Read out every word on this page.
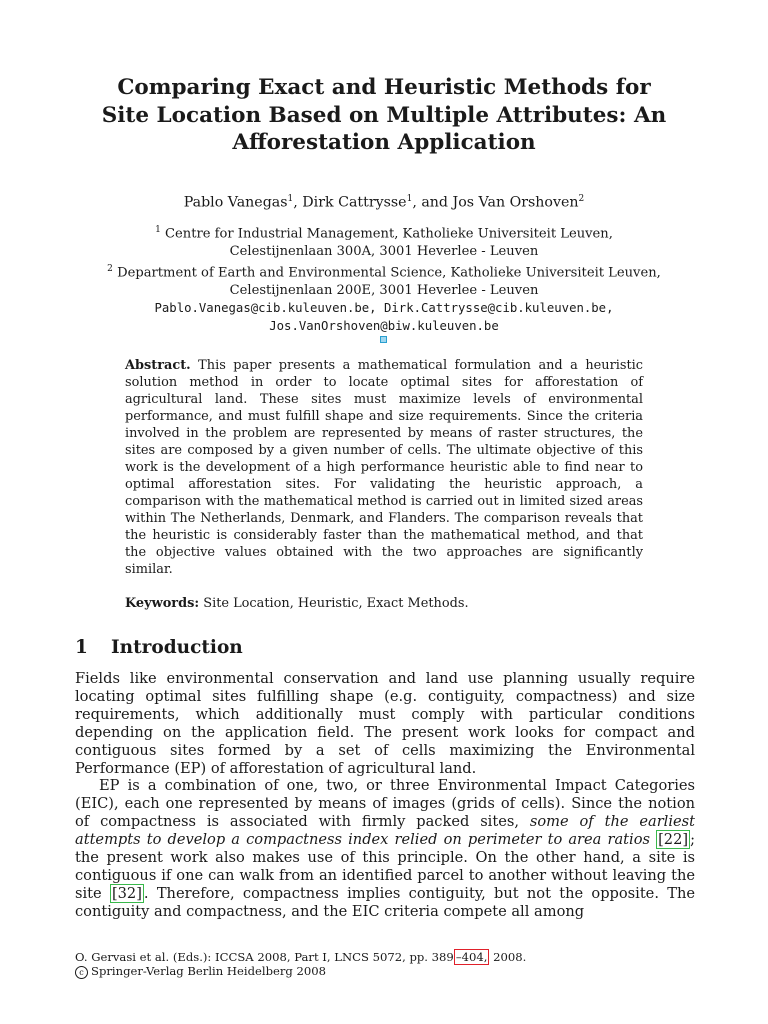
Comparing Exact and Heuristic Methods for
Site Location Based on Multiple Attributes: An
Afforestation Application
Pablo Vanegas$^1$, Dirk Cattrysse$^1$, and Jos Van Orshoven$^2$
$^1$ Centre for Industrial Management, Katholieke Universiteit Leuven,
Celestijnenlaan 300A, 3001 Heverlee - Leuven
$^2$ Department of Earth and Environmental Science, Katholieke Universiteit Leuven,
Celestijnenlaan 200E, 3001 Heverlee - Leuven
Pablo.Vanegas@cib.kuleuven.be, Dirk.Cattrysse@cib.kuleuven.be,
Jos.VanOrshoven@biw.kuleuven.be
Abstract. This paper presents a mathematical formulation and a heuristic solution method in order to locate optimal sites for afforestation of agricultural land. These sites must maximize levels of environmental performance, and must fulfill shape and size requirements. Since the criteria involved in the problem are represented by means of raster structures, the sites are composed by a given number of cells. The ultimate objective of this work is the development of a high performance heuristic able to find near to optimal afforestation sites. For validating the heuristic approach, a comparison with the mathematical method is carried out in limited sized areas within The Netherlands, Denmark, and Flanders. The comparison reveals that the heuristic is considerably faster than the mathematical method, and that the objective values obtained with the two approaches are significantly similar.
Keywords: Site Location, Heuristic, Exact Methods.
1 Introduction

Fields like environmental conservation and land use planning usually require locating optimal sites fulfilling shape (e.g. contiguity, compactness) and size requirements, which additionally must comply with particular conditions depending on the application field. The present work looks for compact and contiguous sites formed by a set of cells maximizing the Environmental Performance (EP) of afforestation of agricultural land.

EP is a combination of one, two, or three Environmental Impact Categories (EIC), each one represented by means of images (grids of cells). Since the notion of compactness is associated with firmly packed sites, some of the earliest attempts to develop a compactness index relied on perimeter to area ratios [22] ; the present work also makes use of this principle. On the other hand, a site is contiguous if one can walk from an identified parcel to another without leaving the site [32] . Therefore, compactness implies contiguity, but not the opposite. The contiguity and compactness, and the EIC criteria compete all among

O. Gervasi et al. (Eds.): ICCSA 2008, Part I, LNCS 5072, pp. 389 –404, 2008.
c Springer-Verlag Berlin Heidelberg 2008
